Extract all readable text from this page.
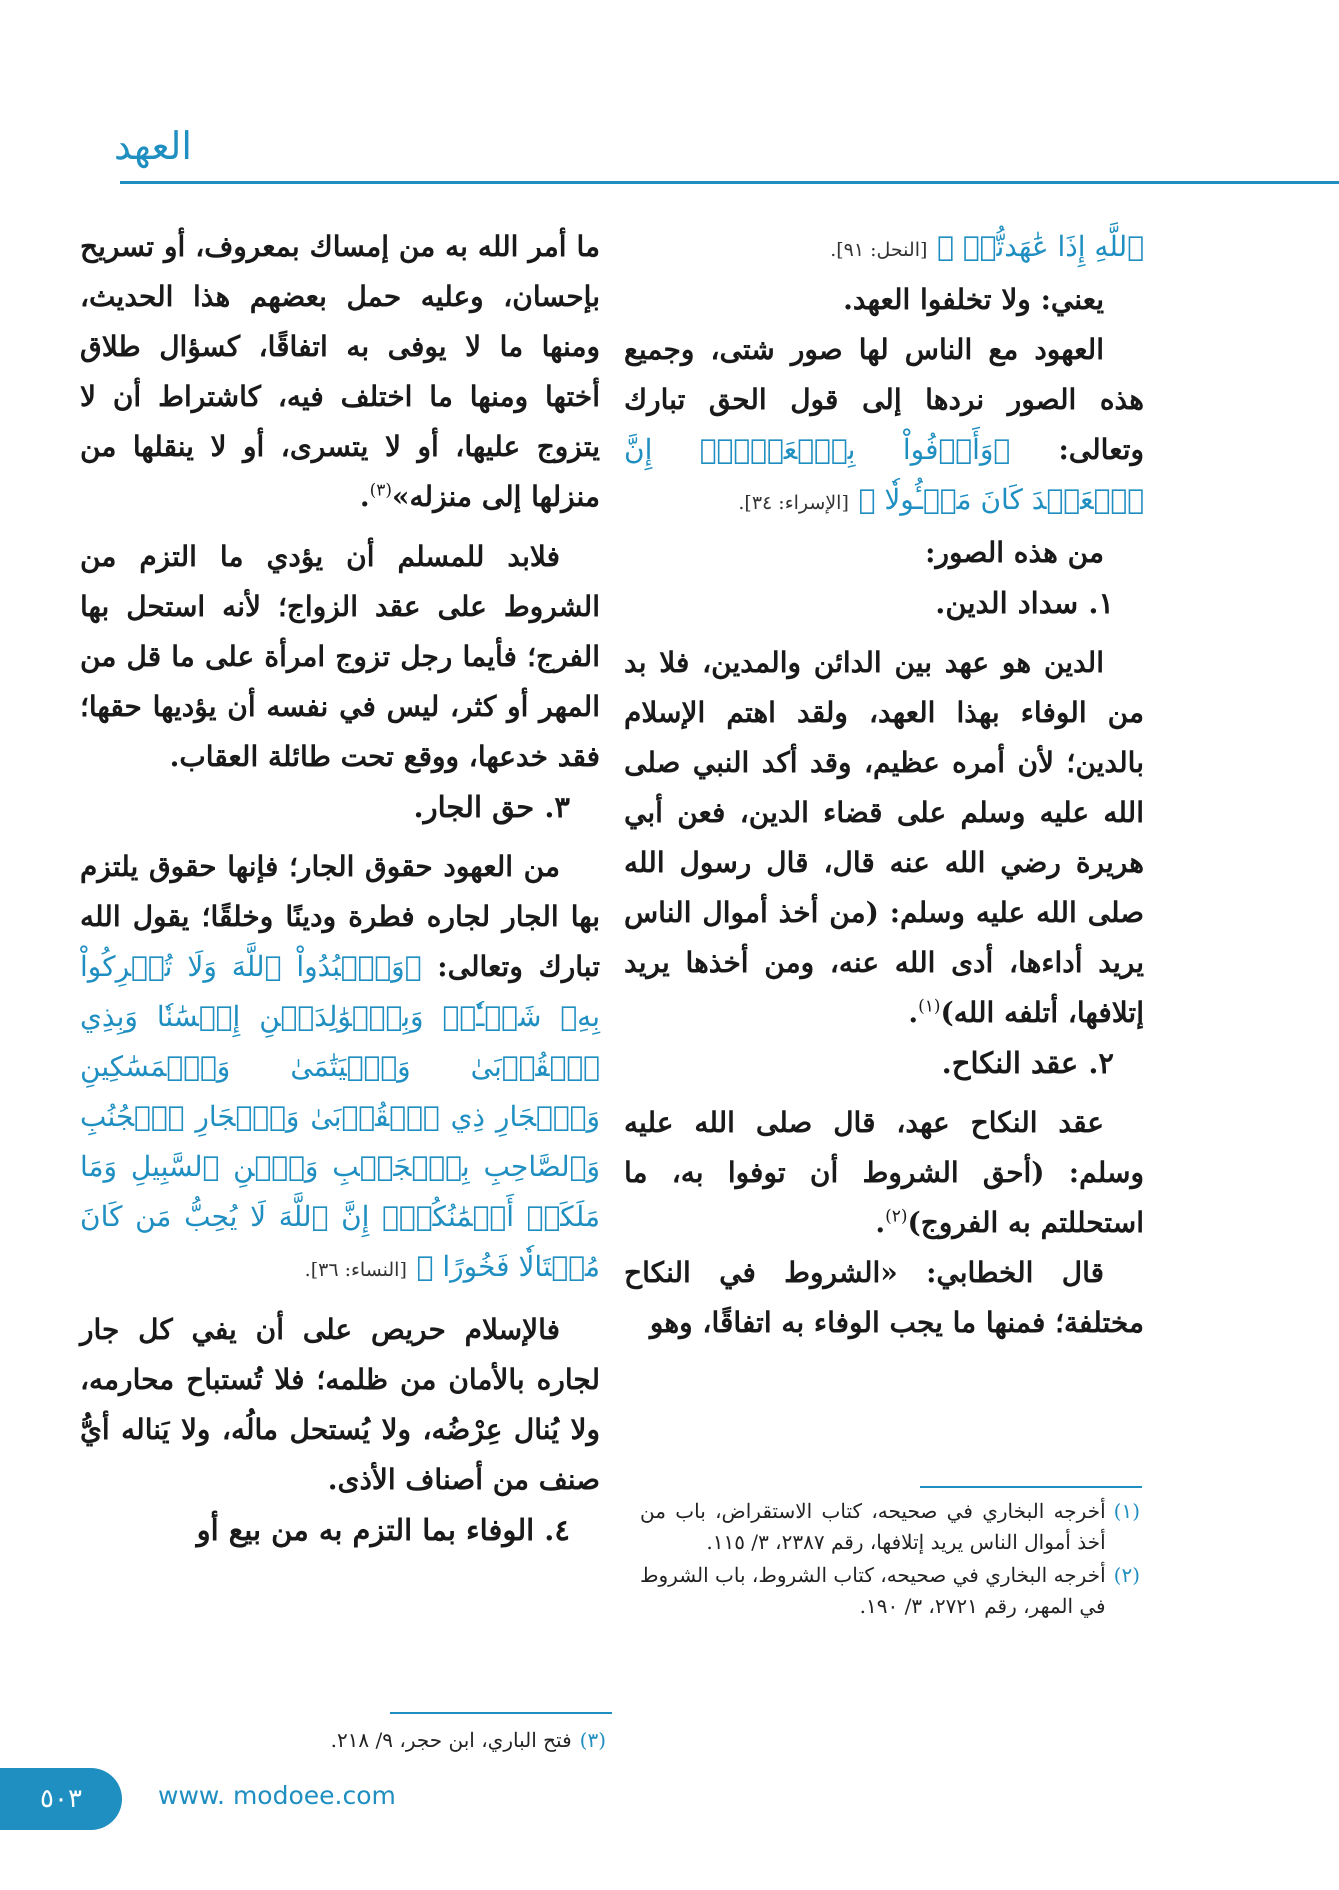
العهد

ٱللَّهِ إِذَا عَٰهَدتُّمۡ ﴾ [النحل: ٩١].

يعني: ولا تخلفوا العهد.

العهود مع الناس لها صور شتى، وجميع هذه الصور نردها إلى قول الحق تبارك وتعالى: ﴿وَأَوۡفُواْ بِٱلۡعَهۡدِۖ إِنَّ ٱلۡعَهۡدَ كَانَ مَسۡـُٔولٗا ﴾ [الإسراء: ٣٤].

من هذه الصور:

١. سداد الدين.

الدين هو عهد بين الدائن والمدين، فلا بد من الوفاء بهذا العهد، ولقد اهتم الإسلام بالدين؛ لأن أمره عظيم، وقد أكد النبي صلى الله عليه وسلم على قضاء الدين، فعن أبي هريرة رضي الله عنه قال، قال رسول الله صلى الله عليه وسلم: (من أخذ أموال الناس يريد أداءها، أدى الله عنه، ومن أخذها يريد إتلافها، أتلفه الله)$^{(١)}$.

٢. عقد النكاح.

عقد النكاح عهد، قال صلى الله عليه وسلم: (أحق الشروط أن توفوا به، ما استحللتم به الفروج)$^{(٢)}$.

قال الخطابي: «الشروط في النكاح مختلفة؛ فمنها ما يجب الوفاء به اتفاقًا، وهو

(١)
أخرجه البخاري في صحيحه، كتاب الاستقراض، باب من أخذ أموال الناس يريد إتلافها، رقم ٢٣٨٧، ٣/ ١١٥.
(٢)
أخرجه البخاري في صحيحه، كتاب الشروط، باب الشروط في المهر، رقم ٢٧٢١، ٣/ ١٩٠.

ما أمر الله به من إمساك بمعروف، أو تسريح بإحسان، وعليه حمل بعضهم هذا الحديث، ومنها ما لا يوفى به اتفاقًا، كسؤال طلاق أختها ومنها ما اختلف فيه، كاشتراط أن لا يتزوج عليها، أو لا يتسرى، أو لا ينقلها من منزلها إلى منزله»$^{(٣)}$.

فلابد للمسلم أن يؤدي ما التزم من الشروط على عقد الزواج؛ لأنه استحل بها الفرج؛ فأيما رجل تزوج امرأة على ما قل من المهر أو كثر، ليس في نفسه أن يؤديها حقها؛ فقد خدعها، ووقع تحت طائلة العقاب.

٣. حق الجار.

من العهود حقوق الجار؛ فإنها حقوق يلتزم بها الجار لجاره فطرة ودينًا وخلقًا؛ يقول الله تبارك وتعالى: ﴿وَٱعۡبُدُواْ ٱللَّهَ وَلَا تُشۡرِكُواْ بِهِۦ شَيۡـٔٗاۖ وَبِٱلۡوَٰلِدَيۡنِ إِحۡسَٰنٗا وَبِذِي ٱلۡقُرۡبَىٰ وَٱلۡيَتَٰمَىٰ وَٱلۡمَسَٰكِينِ وَٱلۡجَارِ ذِي ٱلۡقُرۡبَىٰ وَٱلۡجَارِ ٱلۡجُنُبِ وَٱلصَّاحِبِ بِٱلۡجَنۢبِ وَٱبۡنِ ٱلسَّبِيلِ وَمَا مَلَكَتۡ أَيۡمَٰنُكُمۡۗ إِنَّ ٱللَّهَ لَا يُحِبُّ مَن كَانَ مُخۡتَالٗا فَخُورًا ﴾ [النساء: ٣٦].

فالإسلام حريص على أن يفي كل جار لجاره بالأمان من ظلمه؛ فلا تُستباح محارمه، ولا يُنال عِرْضُه، ولا يُستحل مالُه، ولا يَناله أيُّ صنف من أصناف الأذى.

٤. الوفاء بما التزم به من بيع أو

(٣)
فتح الباري، ابن حجر، ٩/ ٢١٨.
٥٠٣	www. modoee.com
